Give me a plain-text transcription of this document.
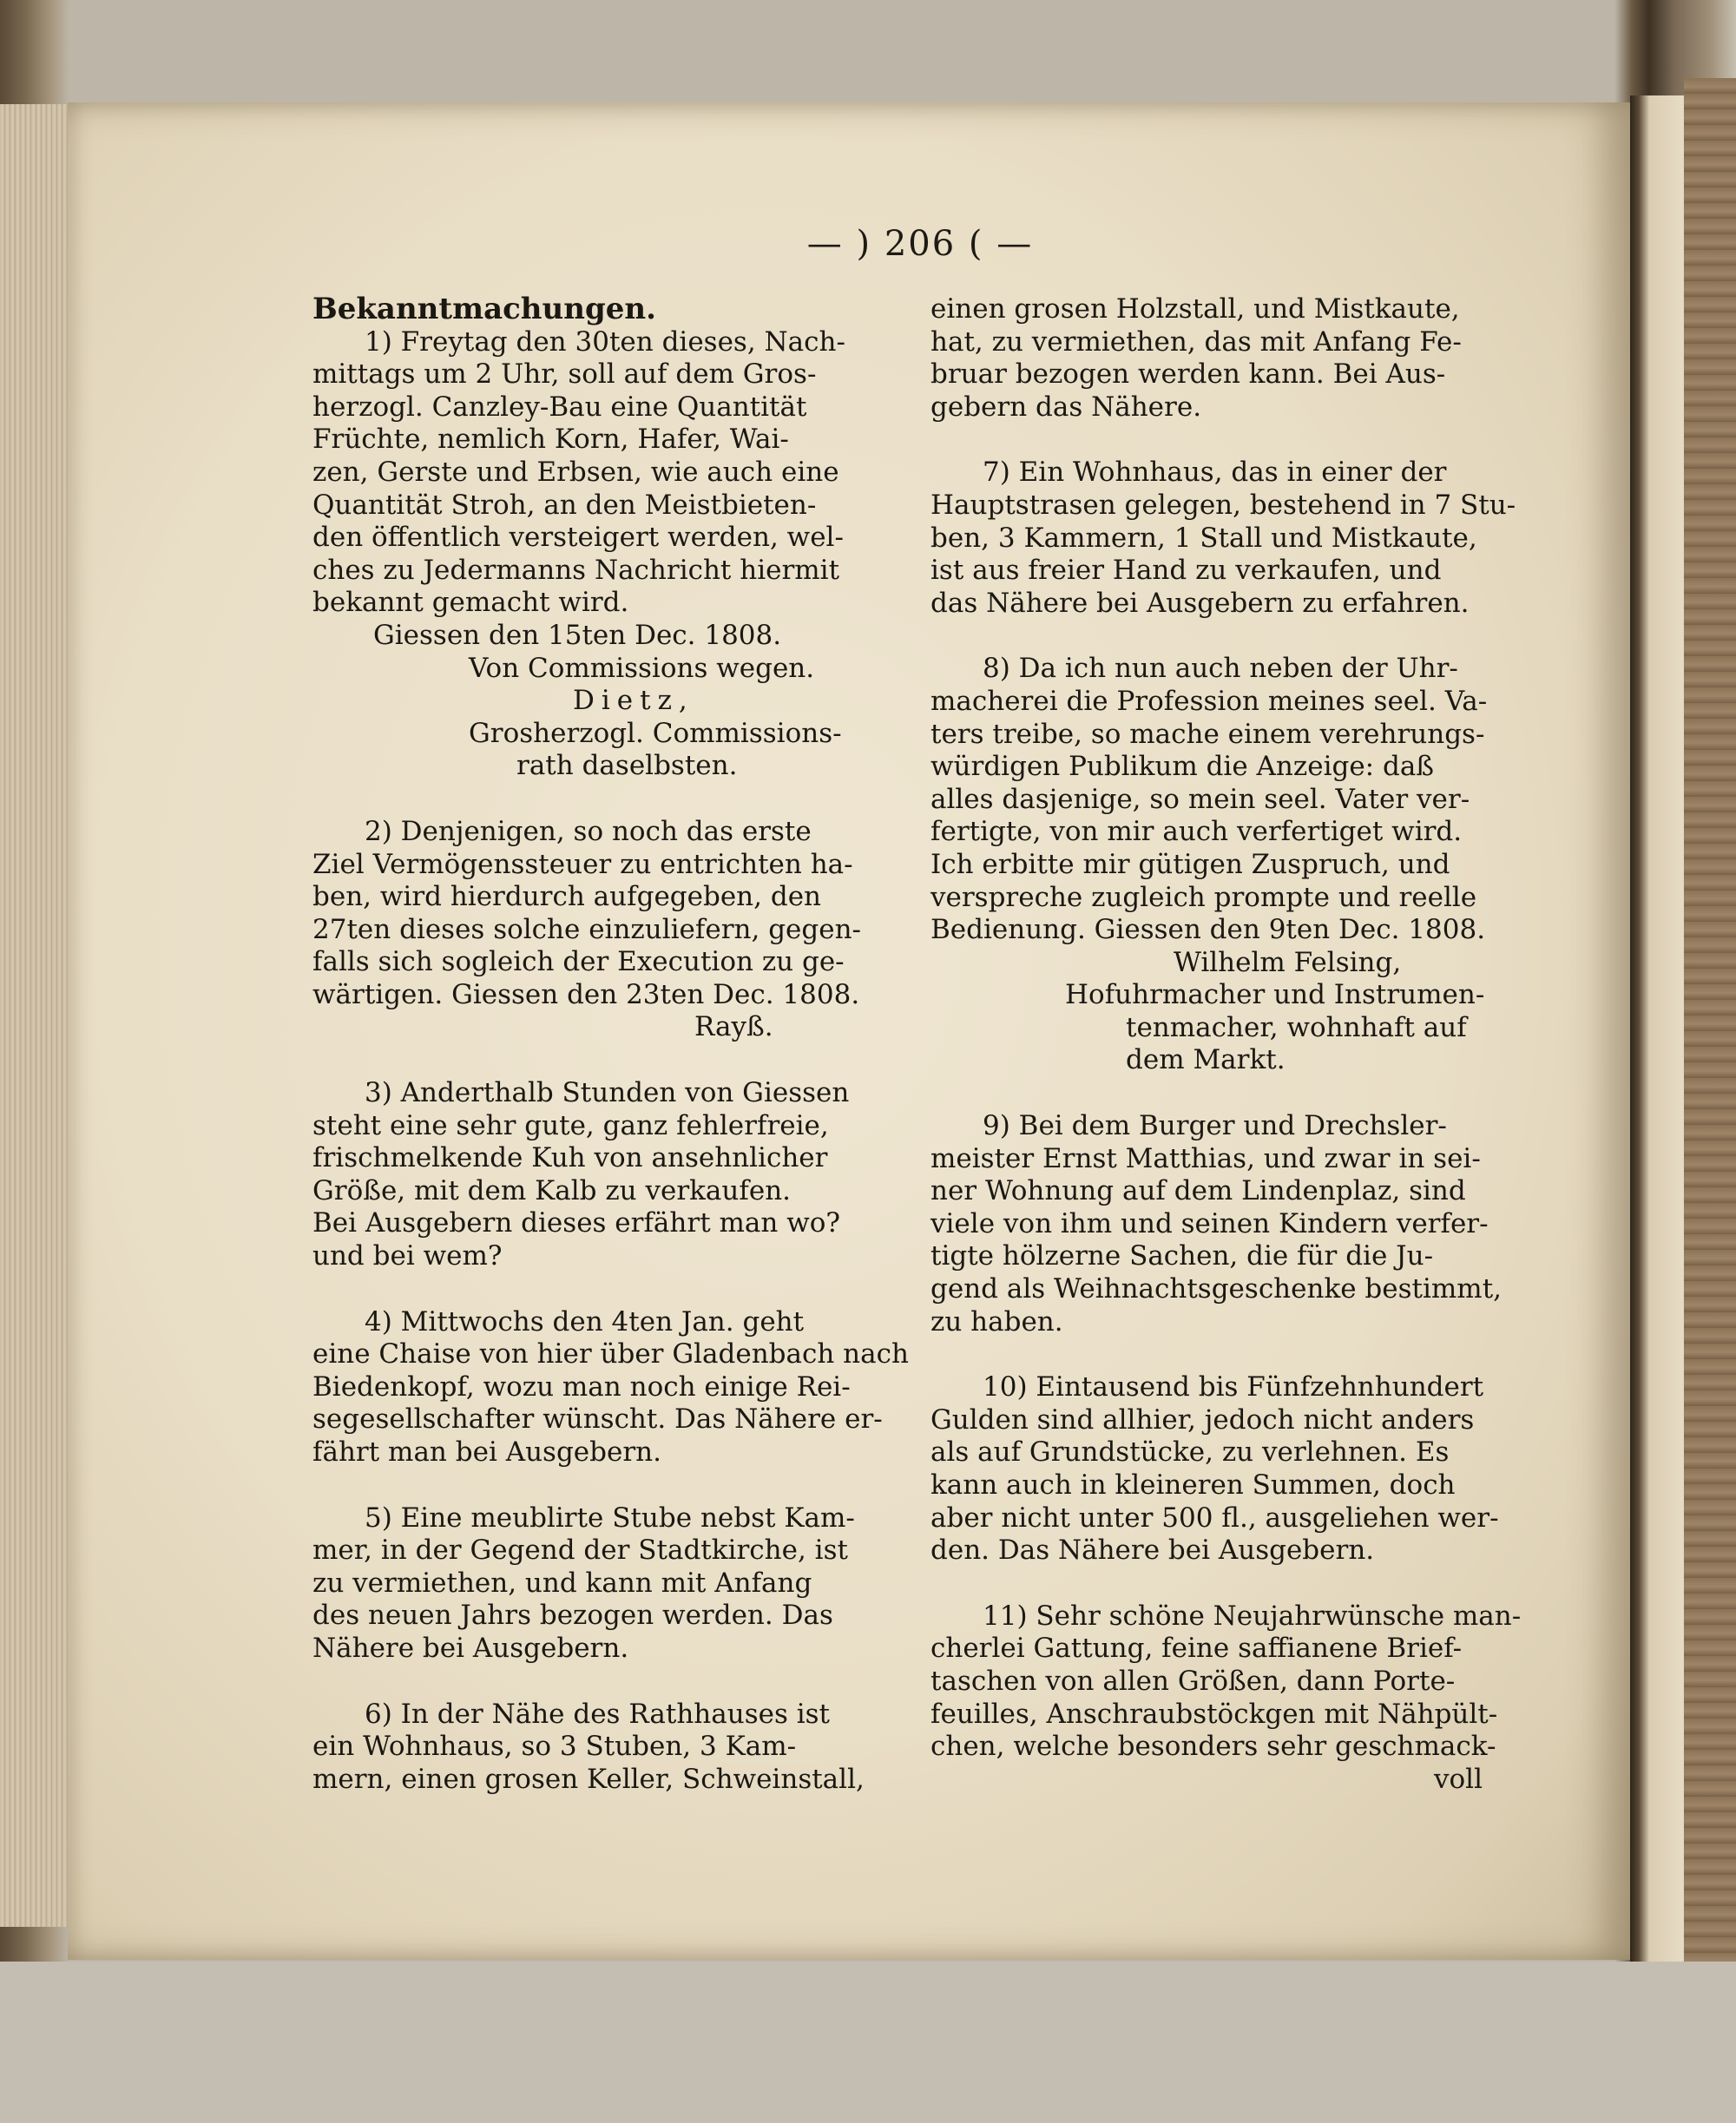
— ) 206 ( —

Bekanntmachungen.

1) Freytag den 30ten dieses, Nach-

mittags um 2 Uhr, soll auf dem Gros-

herzogl. Canzley-Bau eine Quantität

Früchte, nemlich Korn, Hafer, Wai-

zen, Gerste und Erbsen, wie auch eine

Quantität Stroh, an den Meistbieten-

den öffentlich versteigert werden, wel-

ches zu Jedermanns Nachricht hiermit

bekannt gemacht wird.

Giessen den 15ten Dec. 1808.

Von Commissions wegen.

Dietz,

Grosherzogl. Commissions-

rath daselbsten.

2) Denjenigen, so noch das erste

Ziel Vermögenssteuer zu entrichten ha-

ben, wird hierdurch aufgegeben, den

27ten dieses solche einzuliefern, gegen-

falls sich sogleich der Execution zu ge-

wärtigen. Giessen den 23ten Dec. 1808.

Rayß.

3) Anderthalb Stunden von Giessen

steht eine sehr gute, ganz fehlerfreie,

frischmelkende Kuh von ansehnlicher

Größe, mit dem Kalb zu verkaufen.

Bei Ausgebern dieses erfährt man wo?

und bei wem?

4) Mittwochs den 4ten Jan. geht

eine Chaise von hier über Gladenbach nach

Biedenkopf, wozu man noch einige Rei-

segesellschafter wünscht. Das Nähere er-

fährt man bei Ausgebern.

5) Eine meublirte Stube nebst Kam-

mer, in der Gegend der Stadtkirche, ist

zu vermiethen, und kann mit Anfang

des neuen Jahrs bezogen werden. Das

Nähere bei Ausgebern.

6) In der Nähe des Rathhauses ist

ein Wohnhaus, so 3 Stuben, 3 Kam-

mern, einen grosen Keller, Schweinstall,

einen grosen Holzstall, und Mistkaute,

hat, zu vermiethen, das mit Anfang Fe-

bruar bezogen werden kann. Bei Aus-

gebern das Nähere.

7) Ein Wohnhaus, das in einer der

Hauptstrasen gelegen, bestehend in 7 Stu-

ben, 3 Kammern, 1 Stall und Mistkaute,

ist aus freier Hand zu verkaufen, und

das Nähere bei Ausgebern zu erfahren.

8) Da ich nun auch neben der Uhr-

macherei die Profession meines seel. Va-

ters treibe, so mache einem verehrungs-

würdigen Publikum die Anzeige: daß

alles dasjenige, so mein seel. Vater ver-

fertigte, von mir auch verfertiget wird.

Ich erbitte mir gütigen Zuspruch, und

verspreche zugleich prompte und reelle

Bedienung. Giessen den 9ten Dec. 1808.

Wilhelm Felsing,

Hofuhrmacher und Instrumen-

tenmacher, wohnhaft auf

dem Markt.

9) Bei dem Burger und Drechsler-

meister Ernst Matthias, und zwar in sei-

ner Wohnung auf dem Lindenplaz, sind

viele von ihm und seinen Kindern verfer-

tigte hölzerne Sachen, die für die Ju-

gend als Weihnachtsgeschenke bestimmt,

zu haben.

10) Eintausend bis Fünfzehnhundert

Gulden sind allhier, jedoch nicht anders

als auf Grundstücke, zu verlehnen. Es

kann auch in kleineren Summen, doch

aber nicht unter 500 fl., ausgeliehen wer-

den. Das Nähere bei Ausgebern.

11) Sehr schöne Neujahrwünsche man-

cherlei Gattung, feine saffianene Brief-

taschen von allen Größen, dann Porte-

feuilles, Anschraubstöckgen mit Nähpült-

chen, welche besonders sehr geschmack-

voll
